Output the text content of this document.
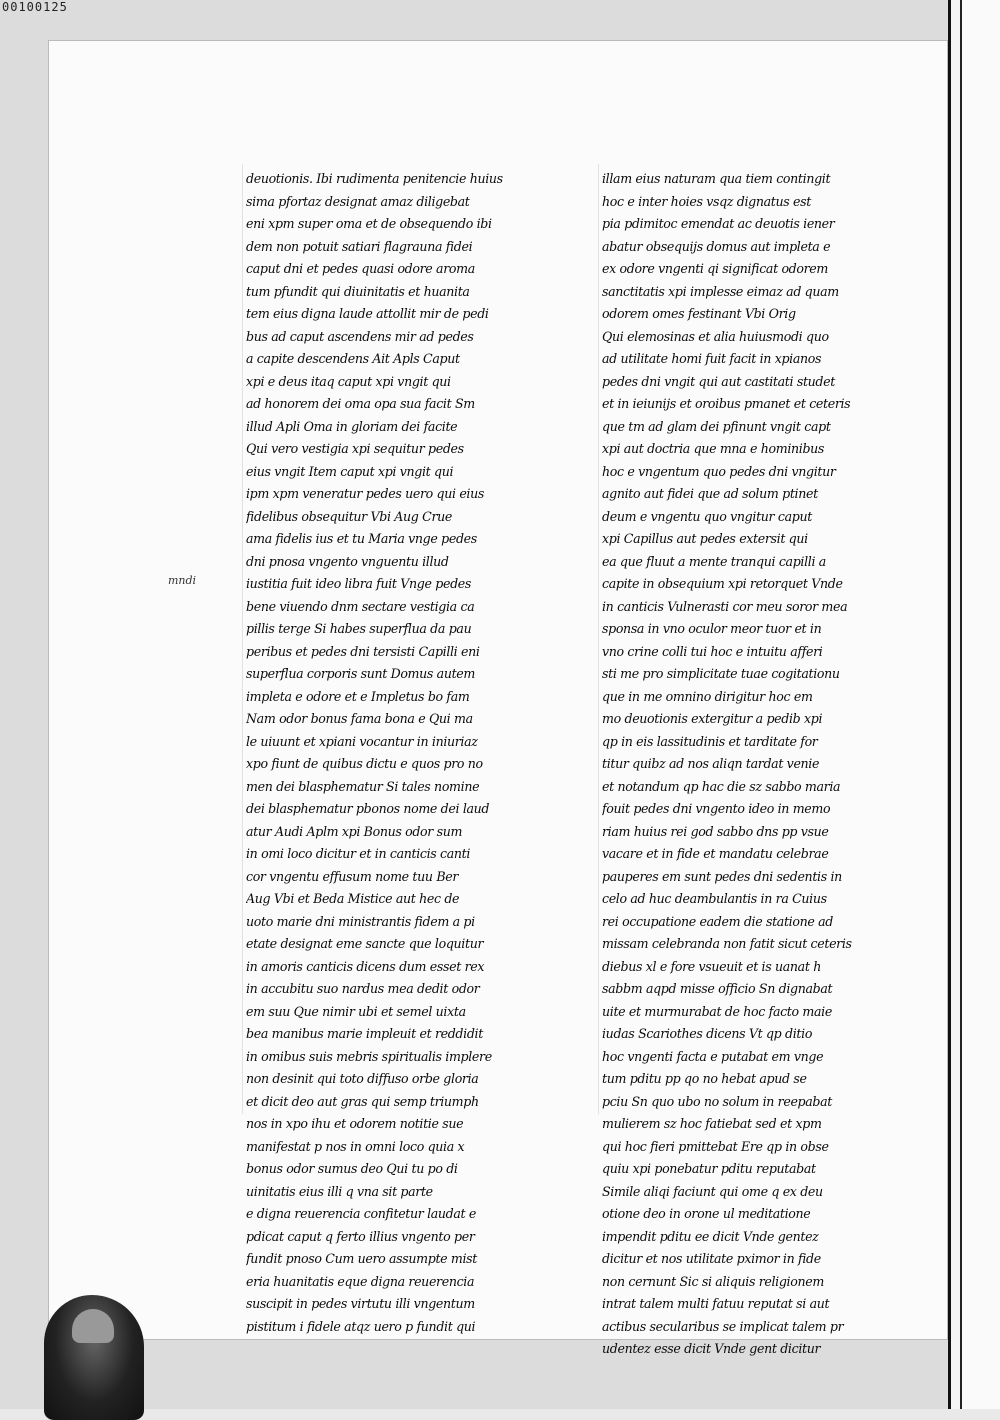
00100125
mndi
deuotionis. Ibi rudimenta penitencie huius
sima pfortaz designat amaz diligebat
eni xpm super oma et de obsequendo ibi
dem non potuit satiari flagrauna fidei
caput dni et pedes quasi odore aroma
tum pfundit qui diuinitatis et huanita
tem eius digna laude attollit mir de pedi
bus ad caput ascendens mir ad pedes
a capite descendens Ait Apls Caput
xpi e deus itaq caput xpi vngit qui
ad honorem dei oma opa sua facit Sm
illud Apli Oma in gloriam dei facite
Qui vero vestigia xpi sequitur pedes
eius vngit Item caput xpi vngit qui
ipm xpm veneratur pedes uero qui eius
fidelibus obsequitur Vbi Aug Crue
ama fidelis ius et tu Maria vnge pedes
dni pnosa vngento vnguentu illud
iustitia fuit ideo libra fuit Vnge pedes
bene viuendo dnm sectare vestigia ca
pillis terge Si habes superflua da pau
peribus et pedes dni tersisti Capilli eni
superflua corporis sunt Domus autem
impleta e odore et e Impletus bo fam
Nam odor bonus fama bona e Qui ma
le uiuunt et xpiani vocantur in iniuriaz
xpo fiunt de quibus dictu e quos pro no
men dei blasphematur Si tales nomine
dei blasphematur pbonos nome dei laud
atur Audi Aplm xpi Bonus odor sum
in omi loco dicitur et in canticis canti
cor vngentu effusum nome tuu Ber
Aug Vbi et Beda Mistice aut hec de
uoto marie dni ministrantis fidem a pi
etate designat eme sancte que loquitur
in amoris canticis dicens dum esset rex
in accubitu suo nardus mea dedit odor
em suu Que nimir ubi et semel uixta
bea manibus marie impleuit et reddidit
in omibus suis mebris spiritualis implere
non desinit qui toto diffuso orbe gloria
et dicit deo aut gras qui semp triumph
nos in xpo ihu et odorem notitie sue
manifestat p nos in omni loco quia x
bonus odor sumus deo Qui tu po di
uinitatis eius illi q vna sit parte
e digna reuerencia confitetur laudat e
pdicat caput q ferto illius vngento per
fundit pnoso Cum uero assumpte mist
eria huanitatis eque digna reuerencia
suscipit in pedes virtutu illi vngentum
pistitum i fidele atqz uero p fundit qui
illam eius naturam qua tiem contingit
hoc e inter hoies vsqz dignatus est
pia pdimitoc emendat ac deuotis iener
abatur obsequijs domus aut impleta e
ex odore vngenti qi significat odorem
sanctitatis xpi implesse eimaz ad quam
odorem omes festinant Vbi Orig
Qui elemosinas et alia huiusmodi quo
ad utilitate homi fuit facit in xpianos
pedes dni vngit qui aut castitati studet
et in ieiunijs et oroibus pmanet et ceteris
que tm ad glam dei pfinunt vngit capt
xpi aut doctria que mna e hominibus
hoc e vngentum quo pedes dni vngitur
agnito aut fidei que ad solum ptinet
deum e vngentu quo vngitur caput
xpi Capillus aut pedes extersit qui
ea que fluut a mente tranqui capilli a
capite in obsequium xpi retorquet Vnde
in canticis Vulnerasti cor meu soror mea
sponsa in vno oculor meor tuor et in
vno crine colli tui hoc e intuitu afferi
sti me pro simplicitate tuae cogitationu
que in me omnino dirigitur hoc em
mo deuotionis extergitur a pedib xpi
qp in eis lassitudinis et tarditate for
titur quibz ad nos aliqn tardat venie
et notandum qp hac die sz sabbo maria
fouit pedes dni vngento ideo in memo
riam huius rei god sabbo dns pp vsue
vacare et in fide et mandatu celebrae
pauperes em sunt pedes dni sedentis in
celo ad huc deambulantis in ra Cuius
rei occupatione eadem die statione ad
missam celebranda non fatit sicut ceteris
diebus xl e fore vsueuit et is uanat h
sabbm aqpd misse officio Sn dignabat
uite et murmurabat de hoc facto maie
iudas Scariothes dicens Vt qp ditio
hoc vngenti facta e putabat em vnge
tum pditu pp qo no hebat apud se
pciu Sn quo ubo no solum in reepabat
mulierem sz hoc fatiebat sed et xpm
qui hoc fieri pmittebat Ere qp in obse
quiu xpi ponebatur pditu reputabat
Simile aliqi faciunt qui ome q ex deu
otione deo in orone ul meditatione
impendit pditu ee dicit Vnde gentez
dicitur et nos utilitate pximor in fide
non cernunt Sic si aliquis religionem
intrat talem multi fatuu reputat si aut
actibus secularibus se implicat talem pr
udentez esse dicit Vnde gent dicitur
